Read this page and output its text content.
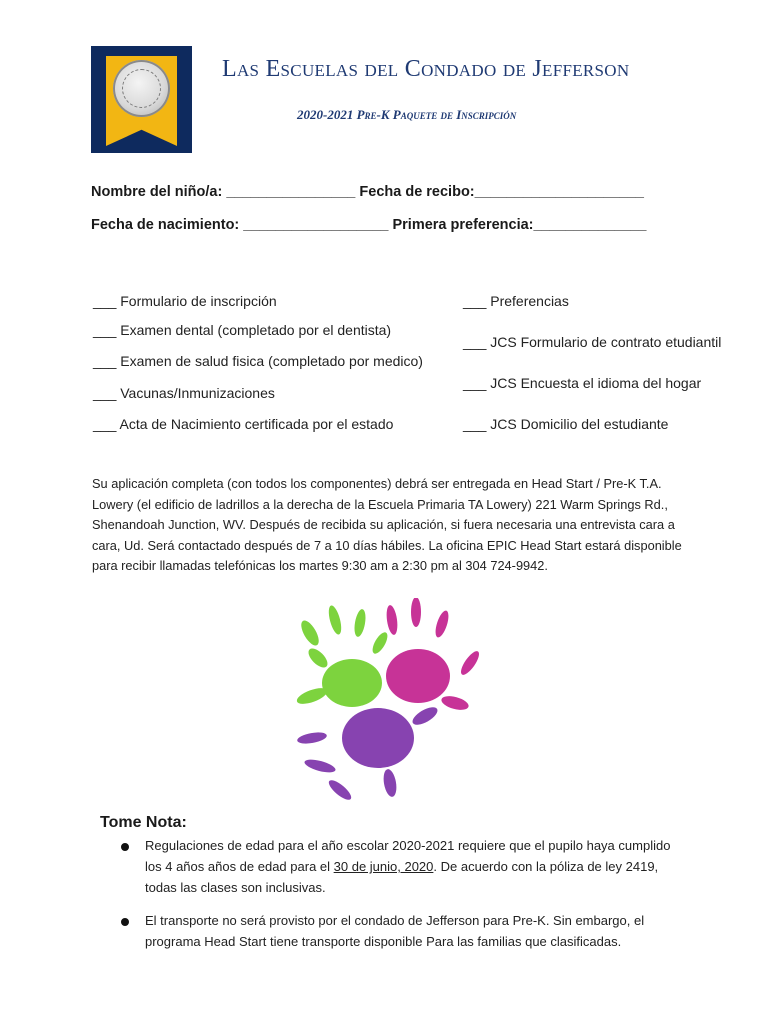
Las Escuelas del Condado de Jefferson
2020-2021 Pre-K Paquete de Inscripción
Nombre del niño/a: ________________ Fecha de recibo:_____________________
Fecha de nacimiento: __________________ Primera preferencia:______________
___ Formulario de inscripción
___ Examen dental (completado por el dentista)
___ Examen de salud fisica (completado por medico)
___ Vacunas/Inmunizaciones
___ Acta de Nacimiento certificada por el estado
___ Preferencias
___ JCS Formulario de contrato etudiantil
___ JCS Encuesta el idioma del hogar
___ JCS Domicilio del estudiante
Su aplicación completa (con todos los componentes) debrá ser entregada en Head Start / Pre-K T.A. Lowery (el edificio de ladrillos a la derecha de la Escuela Primaria TA Lowery) 221 Warm Springs Rd., Shenandoah Junction, WV. Después de recibida su aplicación, si fuera necesaria una entrevista cara a cara, Ud. Será contactado después de 7 a 10 días hábiles. La oficina EPIC Head Start estará disponible para recibir llamadas telefónicas los martes 9:30 am a 2:30 pm al 304 724-9942.
Tome Nota:
Regulaciones de edad para el año escolar 2020-2021 requiere que el pupilo haya cumplido los 4 años años de edad para el 30 de junio, 2020. De acuerdo con la póliza de ley 2419, todas las clases son inclusivas.
El transporte no será provisto por el condado de Jefferson para Pre-K. Sin embargo, el programa Head Start tiene transporte disponible Para las familias que clasificadas.
